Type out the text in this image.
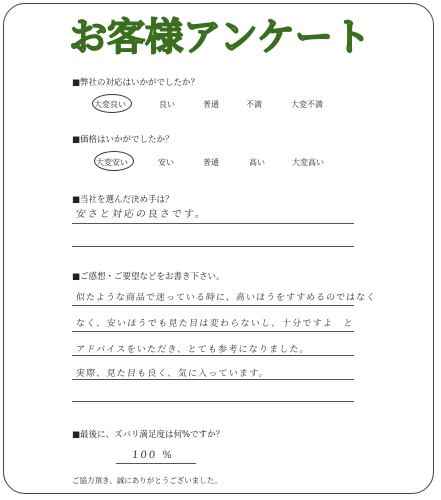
お客様アンケート
■弊社の対応はいかがでしたか？
大変良い	良い	普通	不満	大変不満
■価格はいかがでしたか？
大変安い	安い	普通	高い	大変高い
■当社を選んだ決め手は？
安さと対応の良さです。
■ご感想・ご要望などをお書き下さい。
似たような商品で迷っている時に、高いほうをすすめるのではなく
なく、安いほうでも見た目は変わらないし、十分ですよ　と
アドバイスをいただき、とても参考になりました。
実際、見た目も良く、気に入っています。
■最後に、ズバリ満足度は何%ですか？
100 %
ご協力頂き、誠にありがとうございました。
